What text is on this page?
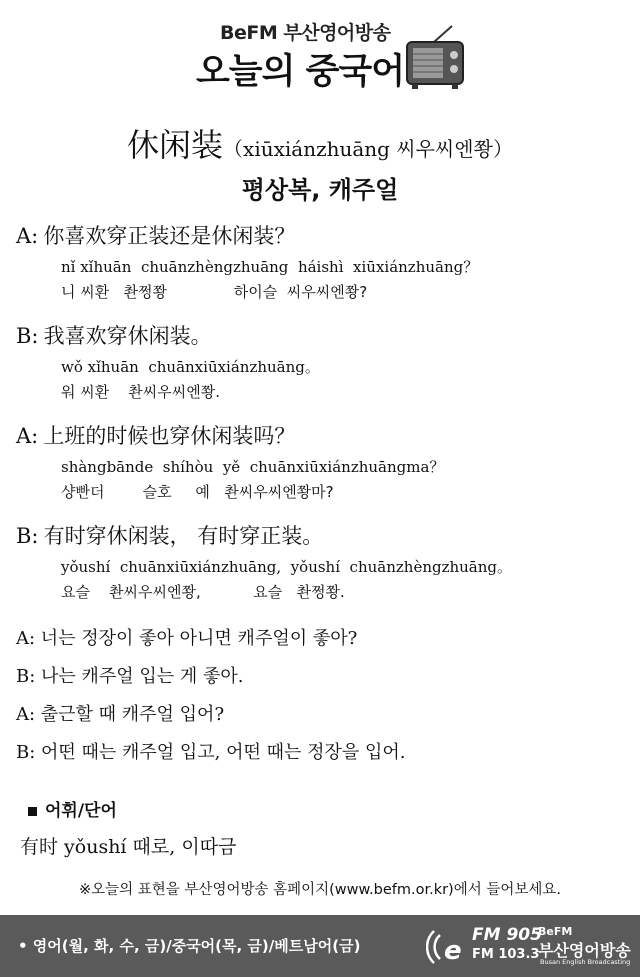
BeFM 부산영어방송
오늘의 중국어
休闲装（xiūxiánzhuāng 씨우씨엔쫭）
평상복, 캐주얼
A: 你喜欢穿正装还是休闲装？
nǐ xǐhuān  chuānzhèngzhuāng  háishì  xiūxiánzhuāng？
니 씨환   촨쩡쫭              하이슬  씨우씨엔쫭?
B: 我喜欢穿休闲装。
wǒ xǐhuān  chuānxiūxiánzhuāng。
워 씨환    촨씨우씨엔쫭.
A: 上班的时候也穿休闲装吗？
shàngbānde  shíhòu  yě  chuānxiūxiánzhuāngma？
샹빤더        슬호     예   촨씨우씨엔쫭마?
B: 有时穿休闲装， 有时穿正装。
yǒushí  chuānxiūxiánzhuāng,  yǒushí  chuānzhèngzhuāng。
요슬    촨씨우씨엔쫭,           요슬   촨쩡쫭.
A: 너는 정장이 좋아 아니면 캐주얼이 좋아?
B: 나는 캐주얼 입는 게 좋아.
A: 출근할 때 캐주얼 입어?
B: 어떤 때는 캐주얼 입고, 어떤 때는 정장을 입어.
어휘/단어
有时 yǒushí 때로, 이따금
※오늘의 표현을 부산영어방송 홈페이지(www.befm.or.kr)에서 들어보세요.
• 영어(월, 화, 수, 금)/중국어(목, 금)/베트남어(금)	e
FM 905
FM 103.3
BeFM
부산영어방송
Busan English Broadcasting
